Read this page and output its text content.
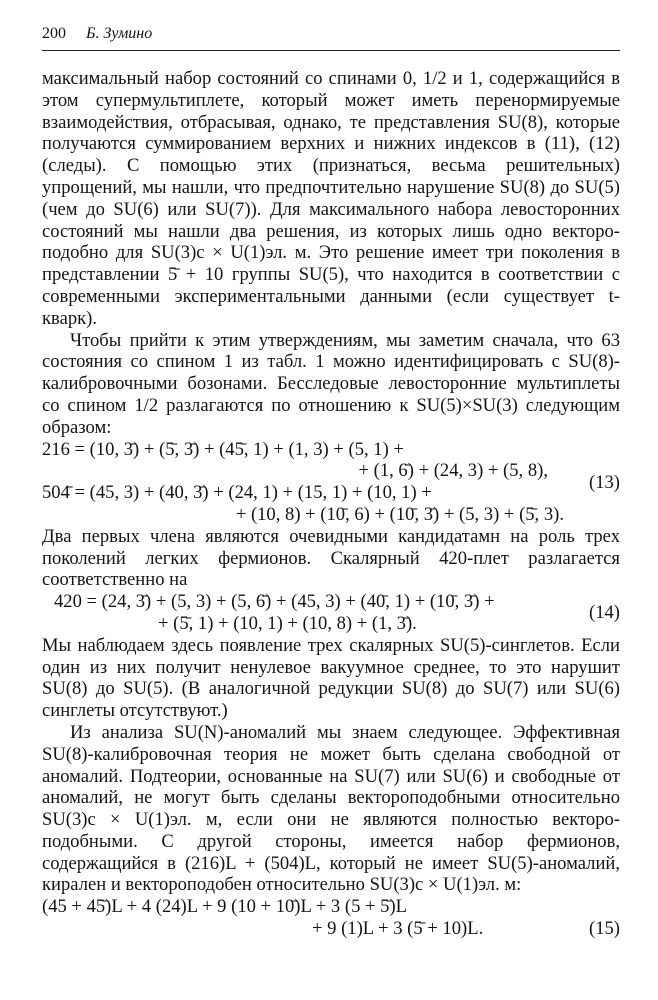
200 Б. Зумино

максимальный набор состояний со спинами 0, 1/2 и 1, содержащийся в этом супермультиплете, который может иметь перенормируемые взаимодействия, отбрасывая, однако, те представления SU(8), которые получаются суммированием верхних и нижних индексов в (11), (12) (следы). С помощью этих (признаться, весьма решительных) упрощений, мы нашли, что предпочтительно нарушение SU(8) до SU(5) (чем до SU(6) или SU(7)). Для максимального набора левосторонних состояний мы нашли два решения, из которых лишь одно вектороподобно для SU(3)c × U(1)эл. м. Это решение имеет три поколения в представлении 5̄ + 10 группы SU(5), что находится в соответствии с современными экспериментальными данными (если существует t-кварк).

Чтобы прийти к этим утверждениям, мы заметим сначала, что 63 состояния со спином 1 из табл. 1 можно идентифицировать с SU(8)-калибровочными бозонами. Бесследовые левосторонние мультиплеты со спином 1/2 разлагаются по отношению к SU(5)×SU(3) следующим образом:

216 = (10, 3̄) + (5̄, 3̄) + (45̄, 1) + (1, 3) + (5, 1) +
+ (1, 6̄) + (24, 3) + (5, 8),
504̄ = (45, 3) + (40, 3̄) + (24, 1) + (15, 1) + (10, 1) +
+ (10, 8) + (10̄, 6) + (10̄, 3̄) + (5, 3) + (5̄, 3).
(13)

Два первых члена являются очевидными кандидатамн на роль трех поколений легких фермионов. Скалярный 420-плет разлагается соответственно на

420 = (24, 3̄) + (5, 3) + (5, 6̄) + (45, 3) + (40̄, 1) + (10̄, 3̄) +
+ (5̄, 1) + (10, 1) + (10, 8) + (1, 3̄).
(14)

Мы наблюдаем здесь появление трех скалярных SU(5)-синглетов. Если один из них получит ненулевое вакуумное среднее, то это нарушит SU(8) до SU(5). (В аналогичной редукции SU(8) до SU(7) или SU(6) синглеты отсутствуют.)

Из анализа SU(N)-аномалий мы знаем следующее. Эффективная SU(8)-калибровочная теория не может быть сделана свободной от аномалий. Подтеории, основанные на SU(7) или SU(6) и свободные от аномалий, не могут быть сделаны вектороподобными относительно SU(3)c × U(1)эл. м, если они не являются полностью вектороподобными. С другой стороны, имеется набор фермионов, содержащийся в (216)L + (504)L, который не имеет SU(5)-аномалий, кирален и вектороподобен относительно SU(3)c × U(1)эл. м:

(45 + 45̄)L + 4 (24)L + 9 (10 + 10̄)L + 3 (5 + 5̄)L
+ 9 (1)L + 3 (5̄ + 10)L.	(15)
